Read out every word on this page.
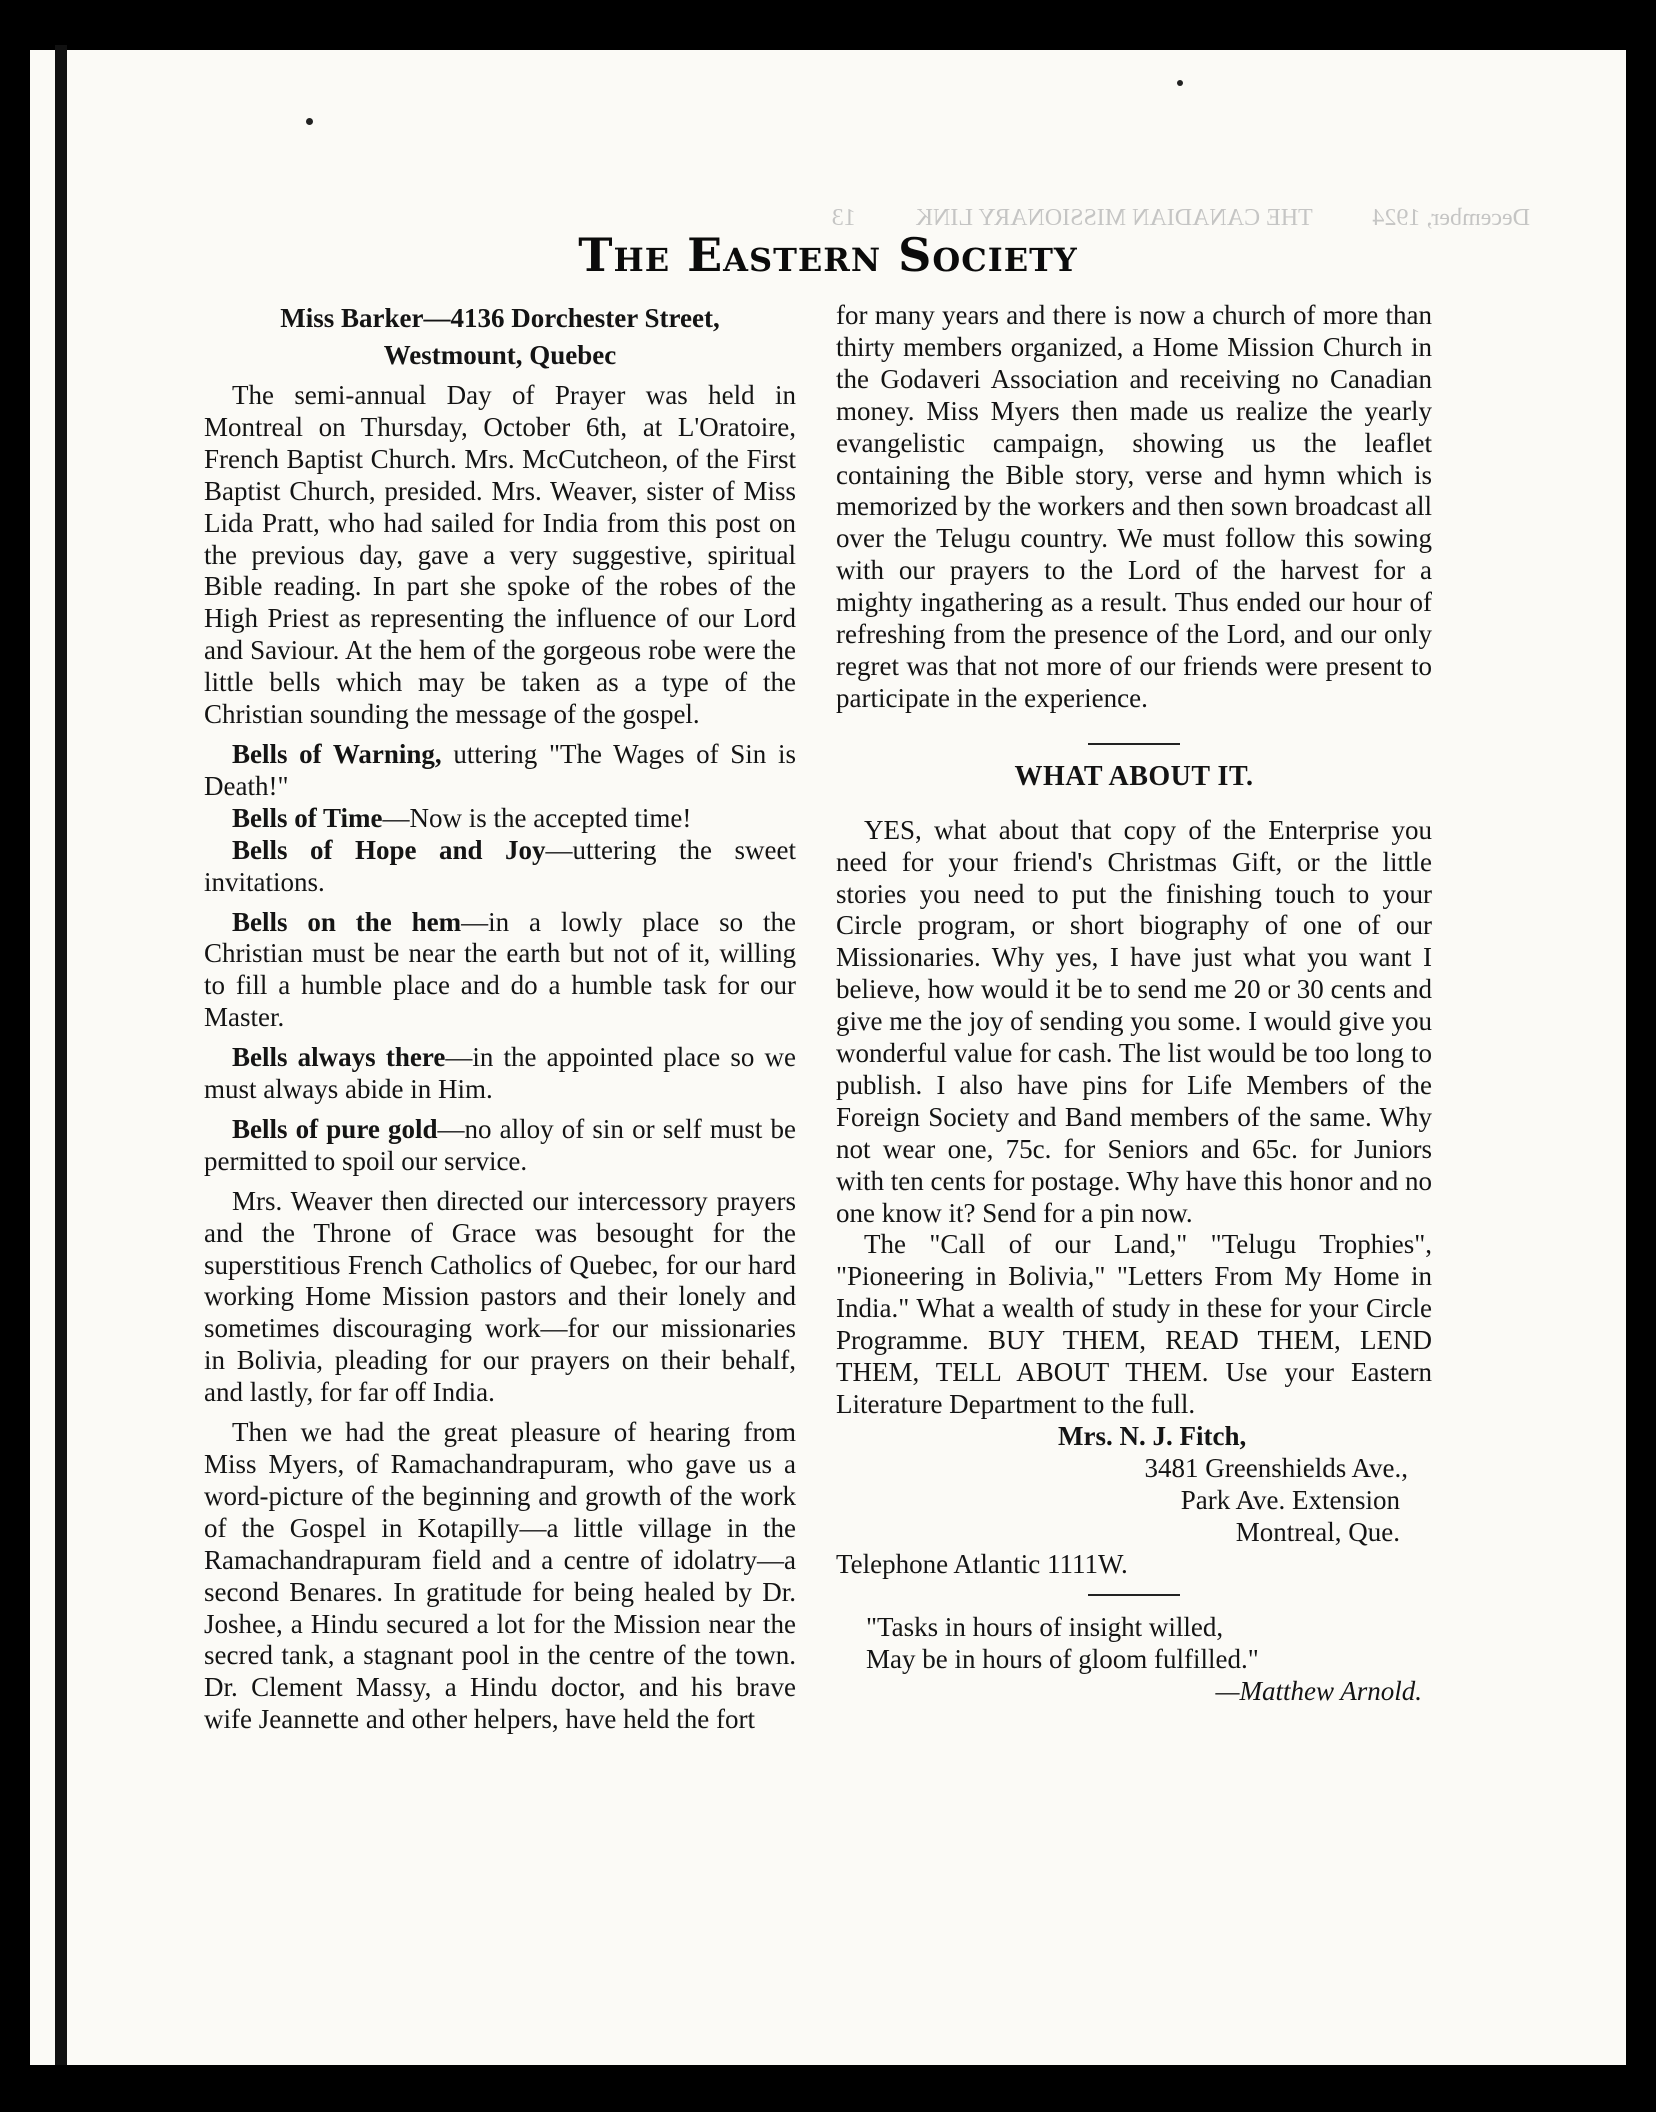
December, 1924          THE CANADIAN MISSIONARY LINK          13
The Eastern Society
Miss Barker—4136 Dorchester Street,
Westmount, Quebec

The semi-annual Day of Prayer was held in Montreal on Thursday, October 6th, at L'Oratoire, French Baptist Church. Mrs. McCutcheon, of the First Baptist Church, presided. Mrs. Weaver, sister of Miss Lida Pratt, who had sailed for India from this post on the previous day, gave a very suggestive, spiritual Bible reading. In part she spoke of the robes of the High Priest as representing the influence of our Lord and Saviour. At the hem of the gorgeous robe were the little bells which may be taken as a type of the Christian sounding the message of the gospel.

Bells of Warning, uttering "The Wages of Sin is Death!"

Bells of Time—Now is the accepted time!

Bells of Hope and Joy—uttering the sweet invitations.

Bells on the hem—in a lowly place so the Christian must be near the earth but not of it, willing to fill a humble place and do a humble task for our Master.

Bells always there—in the appointed place so we must always abide in Him.

Bells of pure gold—no alloy of sin or self must be permitted to spoil our service.

Mrs. Weaver then directed our intercessory prayers and the Throne of Grace was besought for the superstitious French Catholics of Quebec, for our hard working Home Mission pastors and their lonely and sometimes discouraging work—for our missionaries in Bolivia, pleading for our prayers on their behalf, and lastly, for far off India.

Then we had the great pleasure of hearing from Miss Myers, of Ramachandrapuram, who gave us a word-picture of the beginning and growth of the work of the Gospel in Kotapilly—a little village in the Ramachandrapuram field and a centre of idolatry—a second Benares. In gratitude for being healed by Dr. Joshee, a Hindu secured a lot for the Mission near the secred tank, a stagnant pool in the centre of the town. Dr. Clement Massy, a Hindu doctor, and his brave wife Jeannette and other helpers, have held the fort

for many years and there is now a church of more than thirty members organized, a Home Mission Church in the Godaveri Association and receiving no Canadian money. Miss Myers then made us realize the yearly evangelistic campaign, showing us the leaflet containing the Bible story, verse and hymn which is memorized by the workers and then sown broadcast all over the Telugu country. We must follow this sowing with our prayers to the Lord of the harvest for a mighty ingathering as a result. Thus ended our hour of refreshing from the presence of the Lord, and our only regret was that not more of our friends were present to participate in the experience.

WHAT ABOUT IT.

YES, what about that copy of the Enterprise you need for your friend's Christmas Gift, or the little stories you need to put the finishing touch to your Circle program, or short biography of one of our Missionaries. Why yes, I have just what you want I believe, how would it be to send me 20 or 30 cents and give me the joy of sending you some. I would give you wonderful value for cash. The list would be too long to publish. I also have pins for Life Members of the Foreign Society and Band members of the same. Why not wear one, 75c. for Seniors and 65c. for Juniors with ten cents for postage. Why have this honor and no one know it? Send for a pin now.

The "Call of our Land," "Telugu Trophies", "Pioneering in Bolivia," "Letters From My Home in India." What a wealth of study in these for your Circle Programme. BUY THEM, READ THEM, LEND THEM, TELL ABOUT THEM. Use your Eastern Literature Department to the full.

Mrs. N. J. Fitch,
3481 Greenshields Ave.,
Park Ave. Extension
Montreal, Que.
Telephone Atlantic 1111W.
"Tasks in hours of insight willed,
May be in hours of gloom fulfilled."
—Matthew Arnold.
